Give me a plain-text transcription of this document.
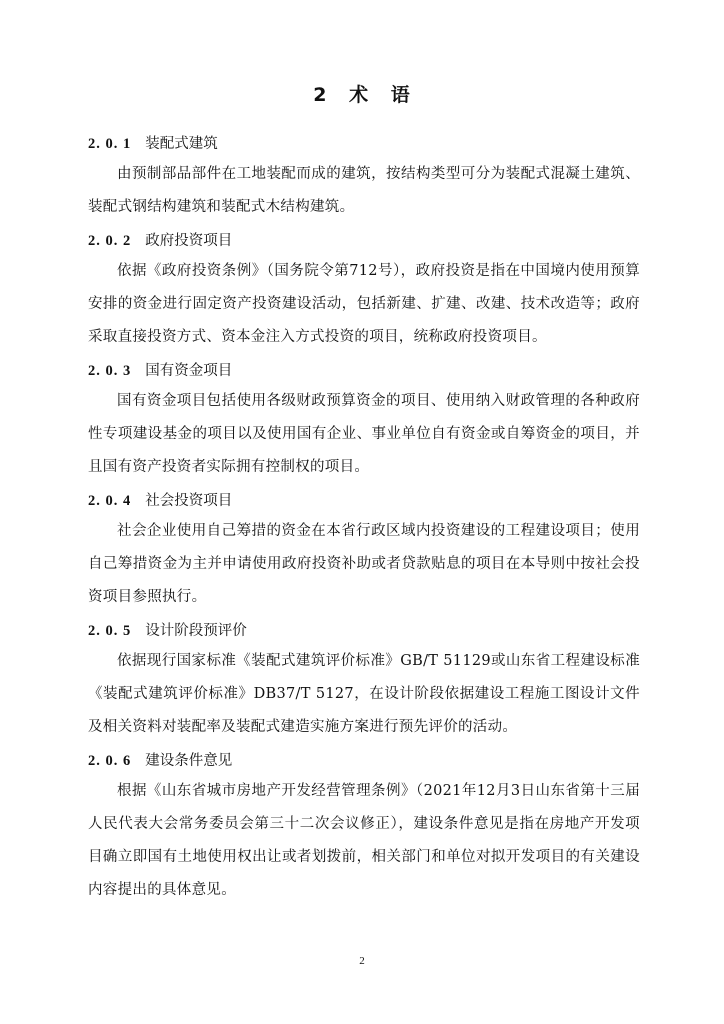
2 术 语

2. 0. 1 装配式建筑

由预制部品部件在工地装配而成的建筑，按结构类型可分为装配式混凝土建筑、装配式钢结构建筑和装配式木结构建筑。

2. 0. 2 政府投资项目

依据《政府投资条例》（国务院令第712号），政府投资是指在中国境内使用预算安排的资金进行固定资产投资建设活动，包括新建、扩建、改建、技术改造等；政府采取直接投资方式、资本金注入方式投资的项目，统称政府投资项目。

2. 0. 3 国有资金项目

国有资金项目包括使用各级财政预算资金的项目、使用纳入财政管理的各种政府性专项建设基金的项目以及使用国有企业、事业单位自有资金或自筹资金的项目，并且国有资产投资者实际拥有控制权的项目。

2. 0. 4 社会投资项目

社会企业使用自己筹措的资金在本省行政区域内投资建设的工程建设项目；使用自己筹措资金为主并申请使用政府投资补助或者贷款贴息的项目在本导则中按社会投资项目参照执行。

2. 0. 5 设计阶段预评价

依据现行国家标准《装配式建筑评价标准》GB/T 51129或山东省工程建设标准《装配式建筑评价标准》DB37/T 5127，在设计阶段依据建设工程施工图设计文件及相关资料对装配率及装配式建造实施方案进行预先评价的活动。

2. 0. 6 建设条件意见

根据《山东省城市房地产开发经营管理条例》（2021年12月3日山东省第十三届人民代表大会常务委员会第三十二次会议修正），建设条件意见是指在房地产开发项目确立即国有土地使用权出让或者划拨前，相关部门和单位对拟开发项目的有关建设内容提出的具体意见。

2
